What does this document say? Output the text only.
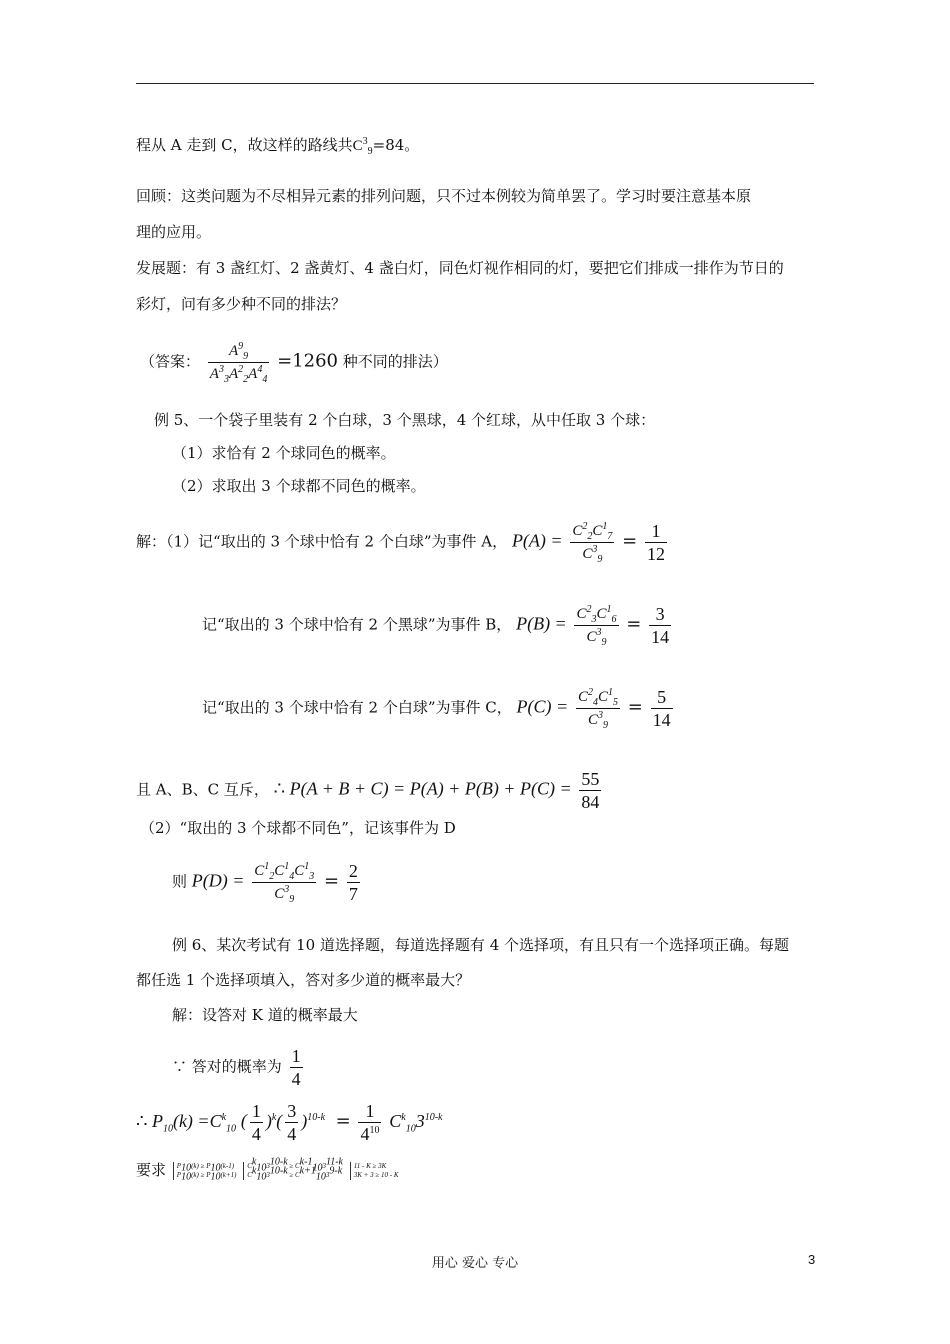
程从 A 走到 C，故这样的路线共$C^3_9=84$。
回顾：这类问题为不尽相异元素的排列问题，只不过本例较为简单罢了。学习时要注意基本原
理的应用。
发展题：有 3 盏红灯、2 盏黄灯、4 盏白灯，同色灯视作相同的灯，要把它们排成一排作为节日的
彩灯，问有多少种不同的排法？
（答案： $\frac{A^9_9}{A^3_3A^2_2A^4_4} =1260$ 种不同的排法）
例 5、一个袋子里装有 2 个白球，3 个黑球，4 个红球，从中任取 3 个球：
（1）求恰有 2 个球同色的概率。
（2）求取出 3 个球都不同色的概率。
解：（1）记“取出的 3 个球中恰有 2 个白球”为事件 A， $P(A) = \frac{C^2_2C^1_7}{C^3_9} = \frac{1}{12}$
记“取出的 3 个球中恰有 2 个黑球”为事件 B， $P(B) = \frac{C^2_3C^1_6}{C^3_9} = \frac{3}{14}$
记“取出的 3 个球中恰有 2 个白球”为事件 C， $P(C) = \frac{C^2_4C^1_5}{C^3_9} = \frac{5}{14}$
且 A、B、C 互斥， ∴ $P(A + B + C) = P(A) + P(B) + P(C) = \frac{55}{84}$
（2）“取出的 3 个球都不同色”，记该事件为 D
则 $P(D) = \frac{C^1_2C^1_4C^1_3}{C^3_9} = \frac{2}{7}$
例 6、某次考试有 10 道选择题，每道选择题有 4 个选择项，有且只有一个选择项正确。每题
都任选 1 个选择项填入，答对多少道的概率最大？
解：设答对 K 道的概率最大
∵ 答对的概率为 $\frac{1}{4}$
∴ $P_{10}(k) =C^k_{10}$ ( $\frac{1}{4} )^k( \frac{3}{4} )^{10-k} = \frac{1}{4^{10}} C^k_{10}3^{10-k}$
要求 $P_{10}(k) \ge P_{10}(k-1)$
$P_{10}(k) \ge P_{10}(k+1)$

$C^k_{10}3^{10-k} \ge C^{k-1}_{10}3^{11-k}$
$C^k_{10}3^{10-k} \ge C^{k+1}_{10}3^{9-k}$
11 - K ≥ 3K
3K + 3 ≥ 10 - K
用心 爱心 专心	3
